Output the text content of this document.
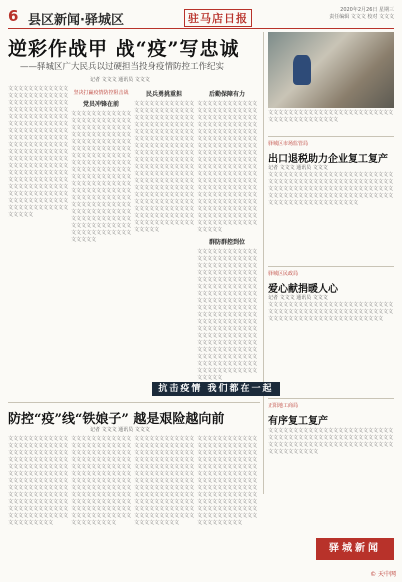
6 县区新闻·驿城区	驻马店日报
2020年2月26日 星期三
责任编辑 文文文 校对 文文文
逆彩作战甲 战“疫”写忠诚
——驿城区广大民兵以过硬担当投身疫情防控工作纪实
记者 文文文 通讯员 文文文
文文文文文文文文文文文文文文文文文文文文文文文文文文文文文文文文文文文文文文文文文文文文文文文文文文文文文文文文文文文文文文文文文文文文文文文文文文文文文文文文文文文文文文文文文文文文文文文文文文文文文文文文文文文文文文文文文文文文文文文文文文文文文文文文文文文文文文文文文文文文文文文文文文文文文文文文文文文文文文文文文文文文文文文文文文文文文文文文文文文文文文文文文文文文文文文文文文文文文文文文文文文文文文文文文文文文文文文文文文文文文
坚决打赢疫情防控阻击战
党员冲锋在前
文文文文文文文文文文文文文文文文文文文文文文文文文文文文文文文文文文文文文文文文文文文文文文文文文文文文文文文文文文文文文文文文文文文文文文文文文文文文文文文文文文文文文文文文文文文文文文文文文文文文文文文文文文文文文文文文文文文文文文文文文文文文文文文文文文文文文文文文文文文文文文文文文文文文文文文文文文文文文文文文文文文文文文文文文文文文文文文文文文文文文文文文文文文文文文文文文文文文文文文文文文文文文文文文文文文文文文文文文文文文文
民兵勇挑重担
文文文文文文文文文文文文文文文文文文文文文文文文文文文文文文文文文文文文文文文文文文文文文文文文文文文文文文文文文文文文文文文文文文文文文文文文文文文文文文文文文文文文文文文文文文文文文文文文文文文文文文文文文文文文文文文文文文文文文文文文文文文文文文文文文文文文文文文文文文文文文文文文文文文文文文文文文文文文文文文文文文文文文文文文文文文文文文文文文文文文文文文文文文文文文文文文文文文文文文文文文文文文文文文文文文文文文文文文文文文文文
后勤保障有力
文文文文文文文文文文文文文文文文文文文文文文文文文文文文文文文文文文文文文文文文文文文文文文文文文文文文文文文文文文文文文文文文文文文文文文文文文文文文文文文文文文文文文文文文文文文文文文文文文文文文文文文文文文文文文文文文文文文文文文文文文文文文文文文文文文文文文文文文文文文文文文文文文文文文文文文文文文文文文文文文文文文文文文文文文文文文文文文文文文文文文文文文文文文文文文文文文文文文文文文文文文文文文文文文文文文文文文文文文文文文文
群防群控到位
文文文文文文文文文文文文文文文文文文文文文文文文文文文文文文文文文文文文文文文文文文文文文文文文文文文文文文文文文文文文文文文文文文文文文文文文文文文文文文文文文文文文文文文文文文文文文文文文文文文文文文文文文文文文文文文文文文文文文文文文文文文文文文文文文文文文文文文文文文文文文文文文文文文文文文文文文文文文文文文文文文文文文文文文文文文文文文文文文文文文文文文文文文文文文文文文文文文文文文文文文文文文文文文文文文文文文文文文文文文文文
文文文文文文文文文文文文文文文文文文文文文文文文文文文文文文文文文文文文文文文
驿城区市场监管局
出口退税助力企业复工复产
记者 文文文 通讯员 文文文
文文文文文文文文文文文文文文文文文文文文文文文文文文文文文文文文文文文文文文文文文文文文文文文文文文文文文文文文文文文文文文文文文文文文文文文文文文文文文文文文文文文文文文文文文文文文文文文文文文文文文文文文文文文文文文文文文文文文文文
驿城区民政局
爱心献捐暖人心
记者 文文文 通讯员 文文文
文文文文文文文文文文文文文文文文文文文文文文文文文文文文文文文文文文文文文文文文文文文文文文文文文文文文文文文文文文文文文文文文文文文文文文文文文
正阳地工商局
有序复工复产
文文文文文文文文文文文文文文文文文文文文文文文文文文文文文文文文文文文文文文文文文文文文文文文文文文文文文文文文文文文文文文文文文文文文文文文文文文文文文文文文文文文文文
抗击疫情 我们都在一起
防控“疫”线“铁娘子” 越是艰险越向前
记者 文文文 通讯员 文文文
文文文文文文文文文文文文文文文文文文文文文文文文文文文文文文文文文文文文文文文文文文文文文文文文文文文文文文文文文文文文文文文文文文文文文文文文文文文文文文文文文文文文文文文文文文文文文文文文文文文文文文文文文文文文文文文文文文文文文文文文文文文文文文文文文文文文文文文文文文文文文文文文文文文文文文文文文
文文文文文文文文文文文文文文文文文文文文文文文文文文文文文文文文文文文文文文文文文文文文文文文文文文文文文文文文文文文文文文文文文文文文文文文文文文文文文文文文文文文文文文文文文文文文文文文文文文文文文文文文文文文文文文文文文文文文文文文文文文文文文文文文文文文文文文文文文文文文文文文文文文文文文文文文文
文文文文文文文文文文文文文文文文文文文文文文文文文文文文文文文文文文文文文文文文文文文文文文文文文文文文文文文文文文文文文文文文文文文文文文文文文文文文文文文文文文文文文文文文文文文文文文文文文文文文文文文文文文文文文文文文文文文文文文文文文文文文文文文文文文文文文文文文文文文文文文文文文文文文文文文文文
文文文文文文文文文文文文文文文文文文文文文文文文文文文文文文文文文文文文文文文文文文文文文文文文文文文文文文文文文文文文文文文文文文文文文文文文文文文文文文文文文文文文文文文文文文文文文文文文文文文文文文文文文文文文文文文文文文文文文文文文文文文文文文文文文文文文文文文文文文文文文文文文文文文文文文文文文
驿城新闻
© 天中网
